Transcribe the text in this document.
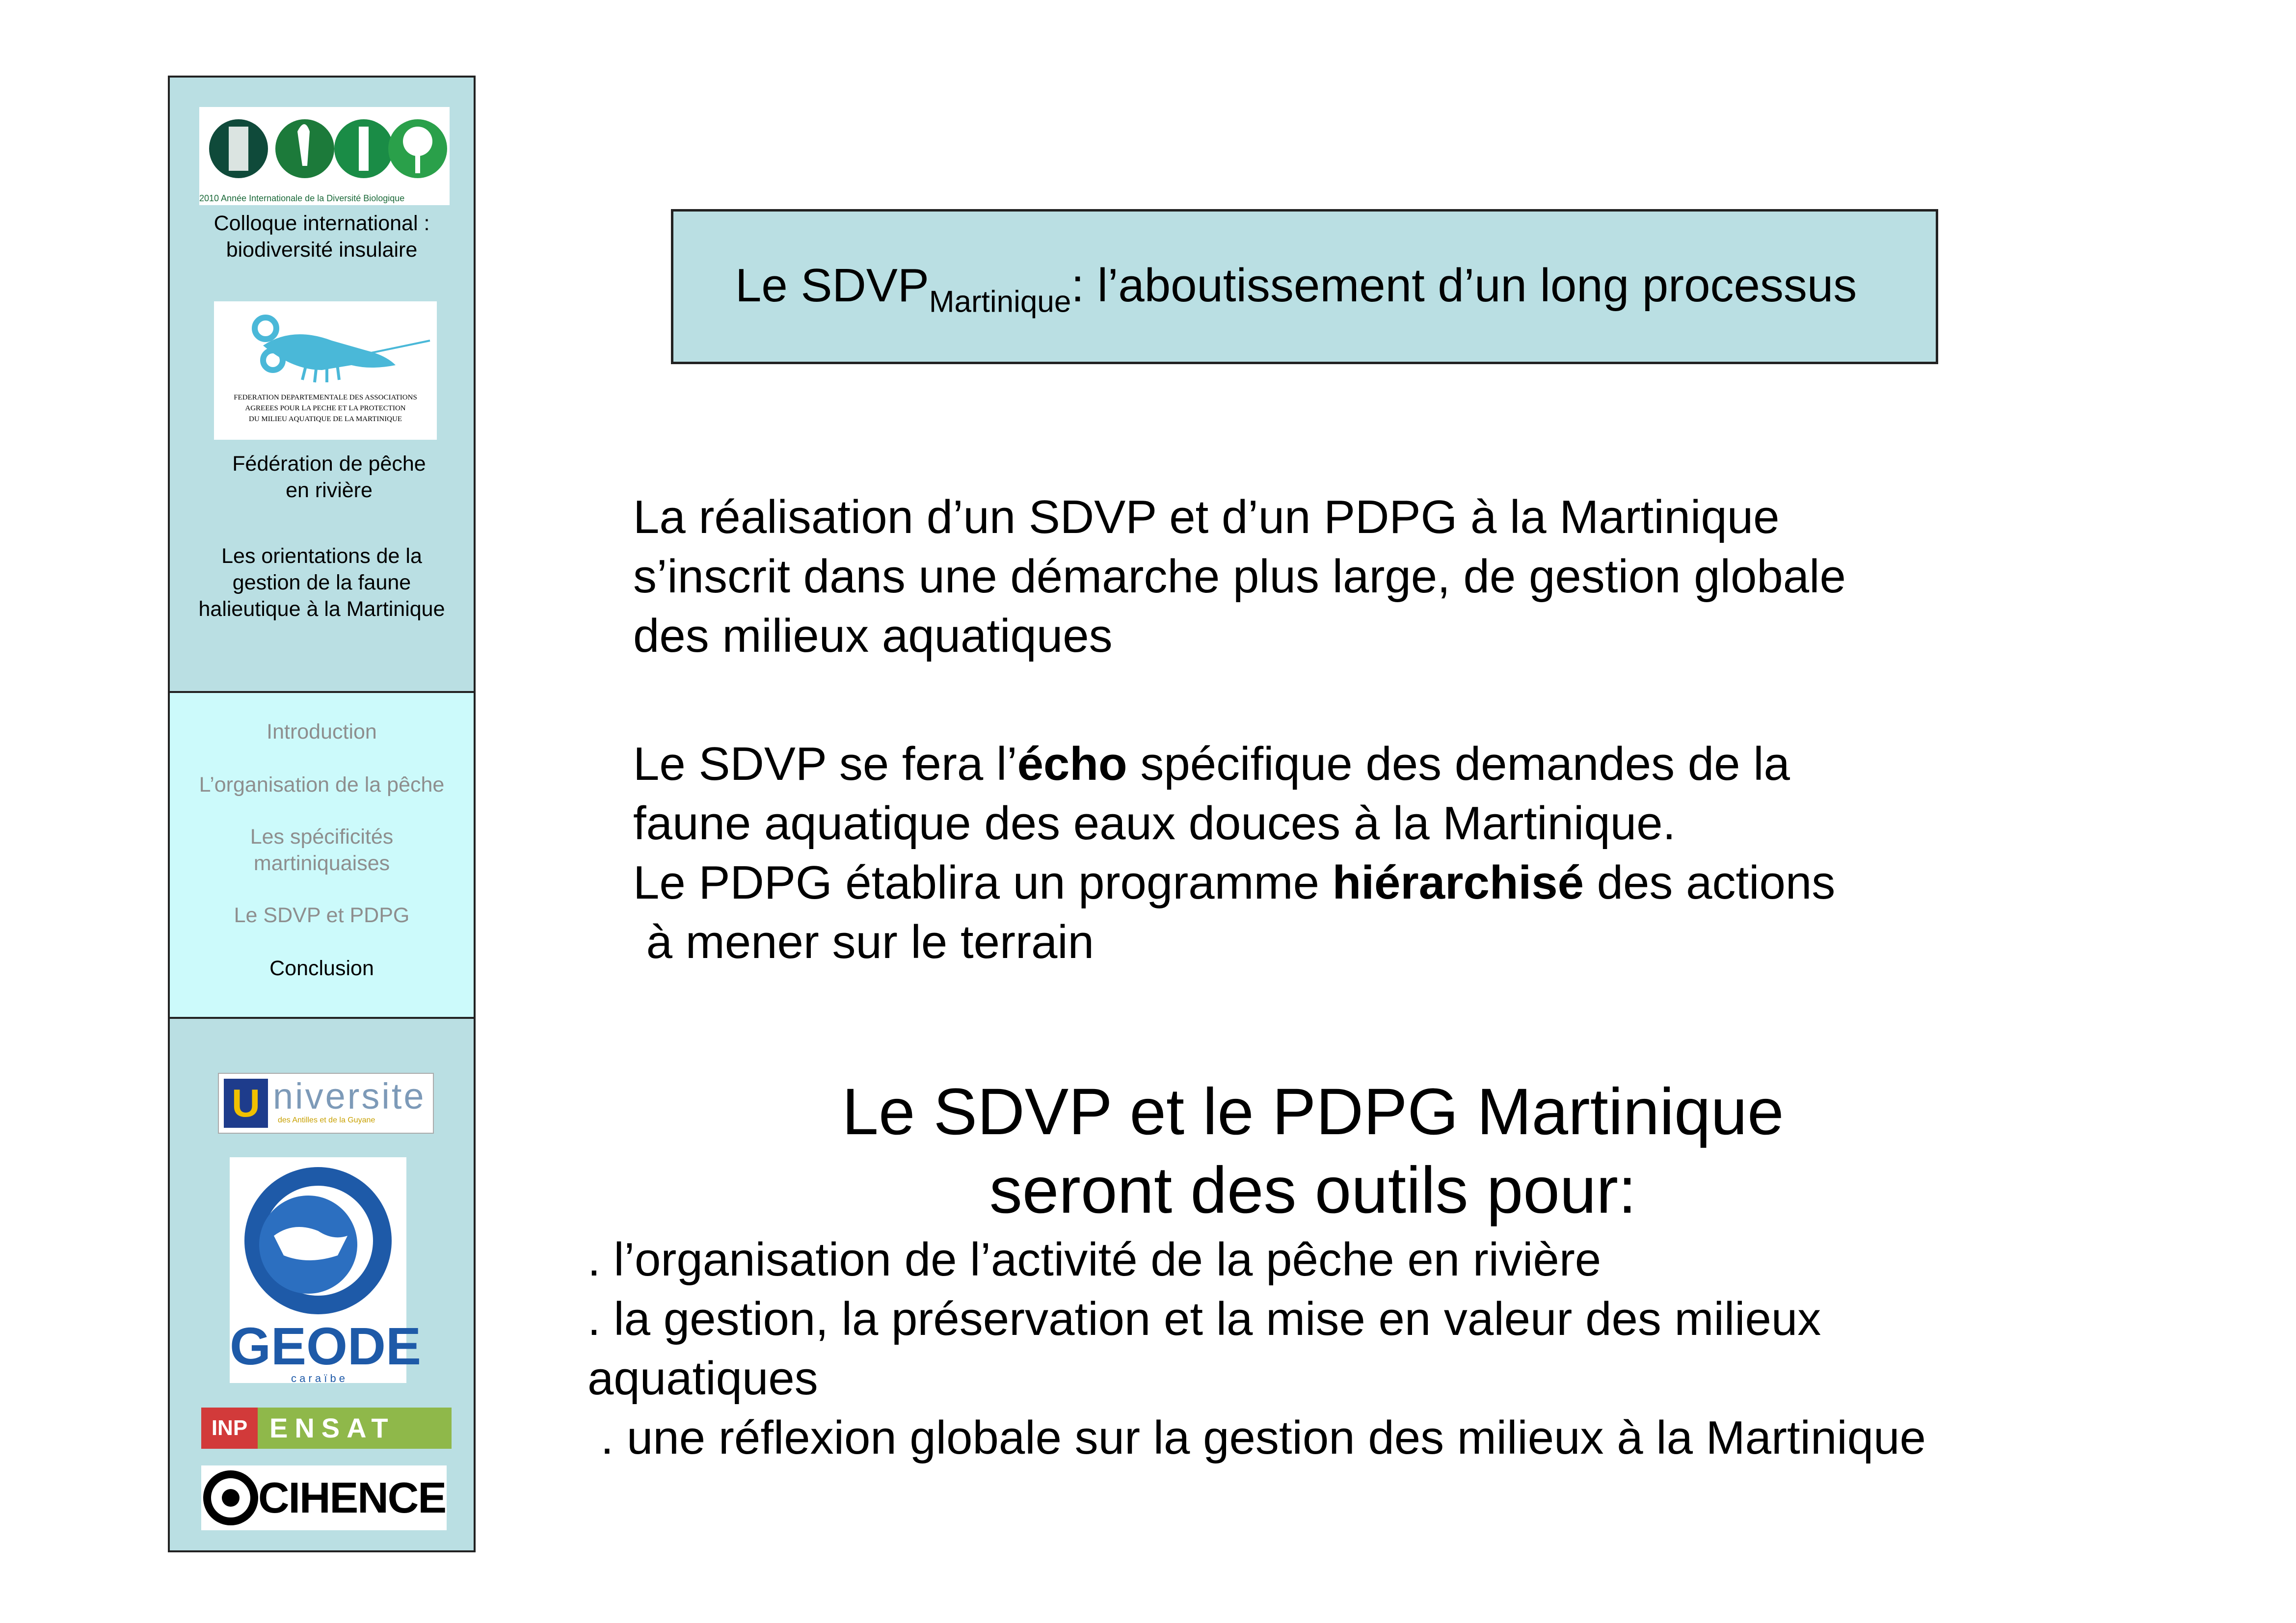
2010 Année Internationale de la Diversité Biologique
Colloque international :
biodiversité insulaire
FEDERATION DEPARTEMENTALE DES ASSOCIATIONS
AGREEES POUR LA PECHE ET LA PROTECTION
DU MILIEU AQUATIQUE DE LA MARTINIQUE
Fédération de pêche
en rivière
Les orientations de la
gestion de la faune
halieutique à la Martinique
Introduction
L’organisation de la pêche
Les spécificités
martiniquaises
Le SDVP et PDPG
Conclusion
U niversite
des Antilles et de la Guyane
GEODE
c a r a ï b e
INP ENSAT
CIHENCE
Le $SDVP_{Martinique}$: l’aboutissement d’un long processus
La réalisation d’un SDVP et d’un PDPG à la Martinique
s’inscrit dans une démarche plus large, de gestion globale
des milieux aquatiques
Le SDVP se fera l’écho spécifique des demandes de la
faune aquatique des eaux douces à la Martinique.
Le PDPG établira un programme hiérarchisé des actions
à mener sur le terrain
Le SDVP et le PDPG Martinique
seront des outils pour:
. l’organisation de l’activité de la pêche en rivière
. la gestion, la préservation et la mise en valeur des milieux
aquatiques
. une réflexion globale sur la gestion des milieux à la Martinique
